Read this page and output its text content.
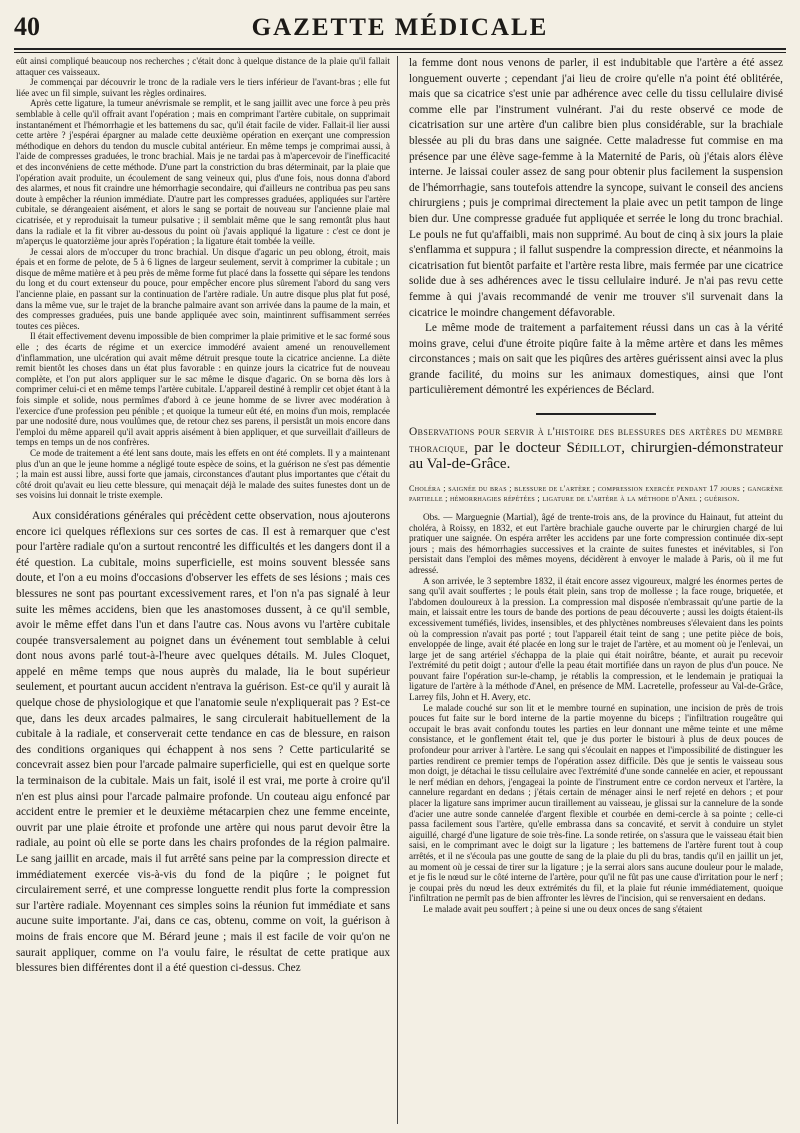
40	GAZETTE MÉDICALE

eût ainsi compliqué beaucoup nos recherches ; c'était donc à quelque distance de la plaie qu'il fallait attaquer ces vaisseaux.

Je commençai par découvrir le tronc de la radiale vers le tiers inférieur de l'avant-bras ; elle fut liée avec un fil simple, suivant les règles ordinaires.

Après cette ligature, la tumeur anévrismale se remplit, et le sang jaillit avec une force à peu près semblable à celle qu'il offrait avant l'opération ; mais en comprimant l'artère cubitale, on supprimait instantanément et l'hémorrhagie et les battemens du sac, qu'il était facile de vider. Fallait-il lier aussi cette artère ? j'espérai épargner au malade cette deuxième opération en exerçant une compression méthodique en dehors du tendon du muscle cubital antérieur. En même temps je comprimai aussi, à l'aide de compresses graduées, le tronc brachial. Mais je ne tardai pas à m'apercevoir de l'inefficacité et des inconvéniens de cette méthode. D'une part la constriction du bras déterminait, par la plaie que l'opération avait produite, un écoulement de sang veineux qui, plus d'une fois, nous donna d'abord des alarmes, et nous fit craindre une hémorrhagie secondaire, qui d'ailleurs ne contribua pas peu sans doute à empêcher la réunion immédiate. D'autre part les compresses graduées, appliquées sur l'artère cubitale, se dérangeaient aisément, et alors le sang se portait de nouveau sur l'ancienne plaie mal cicatrisée, et y reproduisait la tumeur pulsative ; il semblait même que le sang remontât plus haut dans la radiale et la fit vibrer au-dessous du point où j'avais appliqué la ligature : c'est ce dont je m'aperçus le quatorzième jour après l'opération ; la ligature était tombée la veille.

Je cessai alors de m'occuper du tronc brachial. Un disque d'agaric un peu oblong, étroit, mais épais et en forme de pelote, de 5 à 6 lignes de largeur seulement, servit à comprimer la cubitale ; un disque de même matière et à peu près de même forme fut placé dans la fossette qui sépare les tendons du long et du court extenseur du pouce, pour empêcher encore plus sûrement l'abord du sang vers l'ancienne plaie, en passant sur la continuation de l'artère radiale. Un autre disque plus plat fut posé, dans la même vue, sur le trajet de la branche palmaire avant son arrivée dans la paume de la main, et des compresses graduées, puis une bande appliquée avec soin, maintinrent suffisamment serrées toutes ces pièces.

Il était effectivement devenu impossible de bien comprimer la plaie primitive et le sac formé sous elle ; des écarts de régime et un exercice immodéré avaient amené un renouvellement d'inflammation, une ulcération qui avait même détruit presque toute la cicatrice ancienne. La diète remit bientôt les choses dans un état plus favorable : en quinze jours la cicatrice fut de nouveau complète, et l'on put alors appliquer sur le sac même le disque d'agaric. On se borna dès lors à comprimer celui-ci et en même temps l'artère cubitale. L'appareil destiné à remplir cet objet étant à la fois simple et solide, nous permîmes d'abord à ce jeune homme de se livrer avec modération à l'exercice d'une profession peu pénible ; et quoique la tumeur eût été, en moins d'un mois, remplacée par une nodosité dure, nous voulûmes que, de retour chez ses parens, il persistât un mois encore dans l'emploi du même appareil qu'il avait appris aisément à bien appliquer, et que surveillait d'ailleurs de temps en temps un de nos confrères.

Ce mode de traitement a été lent sans doute, mais les effets en ont été complets. Il y a maintenant plus d'un an que le jeune homme a négligé toute espèce de soins, et la guérison ne s'est pas démentie ; la main est aussi libre, aussi forte que jamais, circonstances d'autant plus importantes que c'était du côté droit qu'avait eu lieu cette blessure, qui menaçait déjà le malade des suites funestes dont un de ses voisins lui donnait le triste exemple.

Aux considérations générales qui précèdent cette observation, nous ajouterons encore ici quelques réflexions sur ces sortes de cas. Il est à remarquer que c'est pour l'artère radiale qu'on a surtout rencontré les difficultés et les dangers dont il a été question. La cubitale, moins superficielle, est moins souvent blessée sans doute, et l'on a eu moins d'occasions d'observer les effets de ses lésions ; mais ces blessures ne sont pas pourtant excessivement rares, et l'on n'a pas signalé à leur suite les mêmes accidens, bien que les anastomoses dussent, à ce qu'il semble, avoir le même effet dans l'un et dans l'autre cas. Nous avons vu l'artère cubitale coupée transversalement au poignet dans un événement tout semblable à celui dont nous avons parlé tout-à-l'heure avec quelques détails. M. Jules Cloquet, appelé en même temps que nous auprès du malade, lia le bout supérieur seulement, et pourtant aucun accident n'entrava la guérison. Est-ce qu'il y aurait là quelque chose de physiologique et que l'anatomie seule n'expliquerait pas ? Est-ce que, dans les deux arcades palmaires, le sang circulerait habituellement de la cubitale à la radiale, et conserverait cette tendance en cas de blessure, en raison des conditions organiques qui échappent à nos sens ? Cette particularité se concevrait assez bien pour l'arcade palmaire superficielle, qui est en quelque sorte la terminaison de la cubitale. Mais un fait, isolé il est vrai, me porte à croire qu'il n'en est plus ainsi pour l'arcade palmaire profonde. Un couteau aigu enfoncé par accident entre le premier et le deuxième métacarpien chez une femme enceinte, ouvrit par une plaie étroite et profonde une artère qui nous parut devoir être la radiale, au point où elle se porte dans les chairs profondes de la région palmaire. Le sang jaillit en arcade, mais il fut arrêté sans peine par la compression directe et immédiatement exercée vis-à-vis du fond de la piqûre ; le poignet fut circulairement serré, et une compresse longuette rendit plus forte la compression sur l'artère radiale. Moyennant ces simples soins la réunion fut immédiate et sans aucune suite importante. J'ai, dans ce cas, obtenu, comme on voit, la guérison à moins de frais encore que M. Bérard jeune ; mais il est facile de voir qu'on ne saurait appliquer, comme on l'a voulu faire, le résultat de cette pratique aux blessures bien différentes dont il a été question ci-dessus. Chez

la femme dont nous venons de parler, il est indubitable que l'artère a été assez longuement ouverte ; cependant j'ai lieu de croire qu'elle n'a point été oblitérée, mais que sa cicatrice s'est unie par adhérence avec celle du tissu cellulaire divisé comme elle par l'instrument vulnérant. J'ai du reste observé ce mode de cicatrisation sur une artère d'un calibre bien plus considérable, sur la brachiale blessée au pli du bras dans une saignée. Cette maladresse fut commise en ma présence par une élève sage-femme à la Maternité de Paris, où j'étais alors élève interne. Je laissai couler assez de sang pour obtenir plus facilement la suspension de l'hémorrhagie, sans toutefois attendre la syncope, suivant le conseil des anciens chirurgiens ; puis je comprimai directement la plaie avec un petit tampon de linge bien dur. Une compresse graduée fut appliquée et serrée le long du tronc brachial. Le pouls ne fut qu'affaibli, mais non supprimé. Au bout de cinq à six jours la plaie s'enflamma et suppura ; il fallut suspendre la compression directe, et néanmoins la cicatrisation fut bientôt parfaite et l'artère resta libre, mais fermée par une cicatrice solide due à ses adhérences avec le tissu cellulaire induré. Je n'ai pas revu cette femme à qui j'avais recommandé de venir me trouver s'il survenait dans la cicatrice le moindre changement défavorable.

Le même mode de traitement a parfaitement réussi dans un cas à la vérité moins grave, celui d'une étroite piqûre faite à la même artère et dans les mêmes circonstances ; mais on sait que les piqûres des artères guérissent ainsi avec la plus grande facilité, du moins sur les animaux domestiques, ainsi que l'ont particulièrement démontré les expériences de Béclard.

Observations pour servir à l'histoire des blessures des artères du membre thoracique, par le docteur Sédillot, chirurgien-démonstrateur au Val-de-Grâce.

Choléra ; saignée du bras ; blessure de l'artère ; compression exercée pendant 17 jours ; gangrène partielle ; hémorrhagies répétées ; ligature de l'artère à la méthode d'Anel ; guérison.

Obs. — Marguegnie (Martial), âgé de trente-trois ans, de la province du Hainaut, fut atteint du choléra, à Roissy, en 1832, et eut l'artère brachiale gauche ouverte par le chirurgien chargé de lui pratiquer une saignée. On espéra arrêter les accidens par une forte compression continuée dix-sept jours ; mais des hémorrhagies successives et la crainte de suites funestes et inévitables, si l'on persistait dans l'emploi des mêmes moyens, décidèrent à envoyer le malade à Paris, où il me fut adressé.

A son arrivée, le 3 septembre 1832, il était encore assez vigoureux, malgré les énormes pertes de sang qu'il avait souffertes ; le pouls était plein, sans trop de mollesse ; la face rouge, briquetée, et l'abdomen douloureux à la pression. La compression mal disposée n'embrassait qu'une partie de la main, et laissait entre les tours de bande des portions de peau découverte ; aussi les doigts étaient-ils excessivement tuméfiés, livides, insensibles, et des phlyctènes nombreuses s'élevaient dans les points où la compression n'avait pas porté ; tout l'appareil était teint de sang ; une petite pièce de bois, enveloppée de linge, avait été placée en long sur le trajet de l'artère, et au moment où je l'enlevai, un large jet de sang artériel s'échappa de la plaie qui était noirâtre, béante, et aurait pu recevoir l'extrémité du petit doigt ; autour d'elle la peau était mortifiée dans un rayon de plus d'un pouce. Ne pouvant faire l'opération sur-le-champ, je rétablis la compression, et le lendemain je pratiquai la ligature de l'artère à la méthode d'Anel, en présence de MM. Lacretelle, professeur au Val-de-Grâce, Larrey fils, John et H. Avery, etc.

Le malade couché sur son lit et le membre tourné en supination, une incision de près de trois pouces fut faite sur le bord interne de la partie moyenne du biceps ; l'infiltration rougeâtre qui occupait le bras avait confondu toutes les parties en leur donnant une même teinte et une même consistance, et le gonflement était tel, que je dus porter le bistouri à plus de deux pouces de profondeur pour arriver à l'artère. Le sang qui s'écoulait en nappes et l'impossibilité de distinguer les parties rendirent ce premier temps de l'opération assez difficile. Dès que je sentis le vaisseau sous mon doigt, je détachai le tissu cellulaire avec l'extrémité d'une sonde cannelée en acier, et repoussant le nerf médian en dehors, j'engageai la pointe de l'instrument entre ce cordon nerveux et l'artère, la cannelure regardant en dedans ; j'étais certain de ménager ainsi le nerf rejeté en dehors ; et pour placer la ligature sans imprimer aucun tiraillement au vaisseau, je glissai sur la cannelure de la sonde d'acier une autre sonde cannelée d'argent flexible et courbée en demi-cercle à sa pointe ; celle-ci passa facilement sous l'artère, qu'elle embrassa dans sa concavité, et servit à conduire un stylet aiguillé, chargé d'une ligature de soie très-fine. La sonde retirée, on s'assura que le vaisseau était bien saisi, en le comprimant avec le doigt sur la ligature ; les battemens de l'artère furent tout à coup arrêtés, et il ne s'écoula pas une goutte de sang de la plaie du pli du bras, tandis qu'il en jaillit un jet, au moment où je cessai de tirer sur la ligature ; je la serrai alors sans aucune douleur pour le malade, et je fis le nœud sur le côté interne de l'artère, pour qu'il ne fût pas une cause d'irritation pour le nerf ; je coupai près du nœud les deux extrémités du fil, et la plaie fut réunie immédiatement, quoique l'infiltration ne permît pas de bien affronter les lèvres de l'incision, qui se renversaient en dedans.

Le malade avait peu souffert ; à peine si une ou deux onces de sang s'étaient
